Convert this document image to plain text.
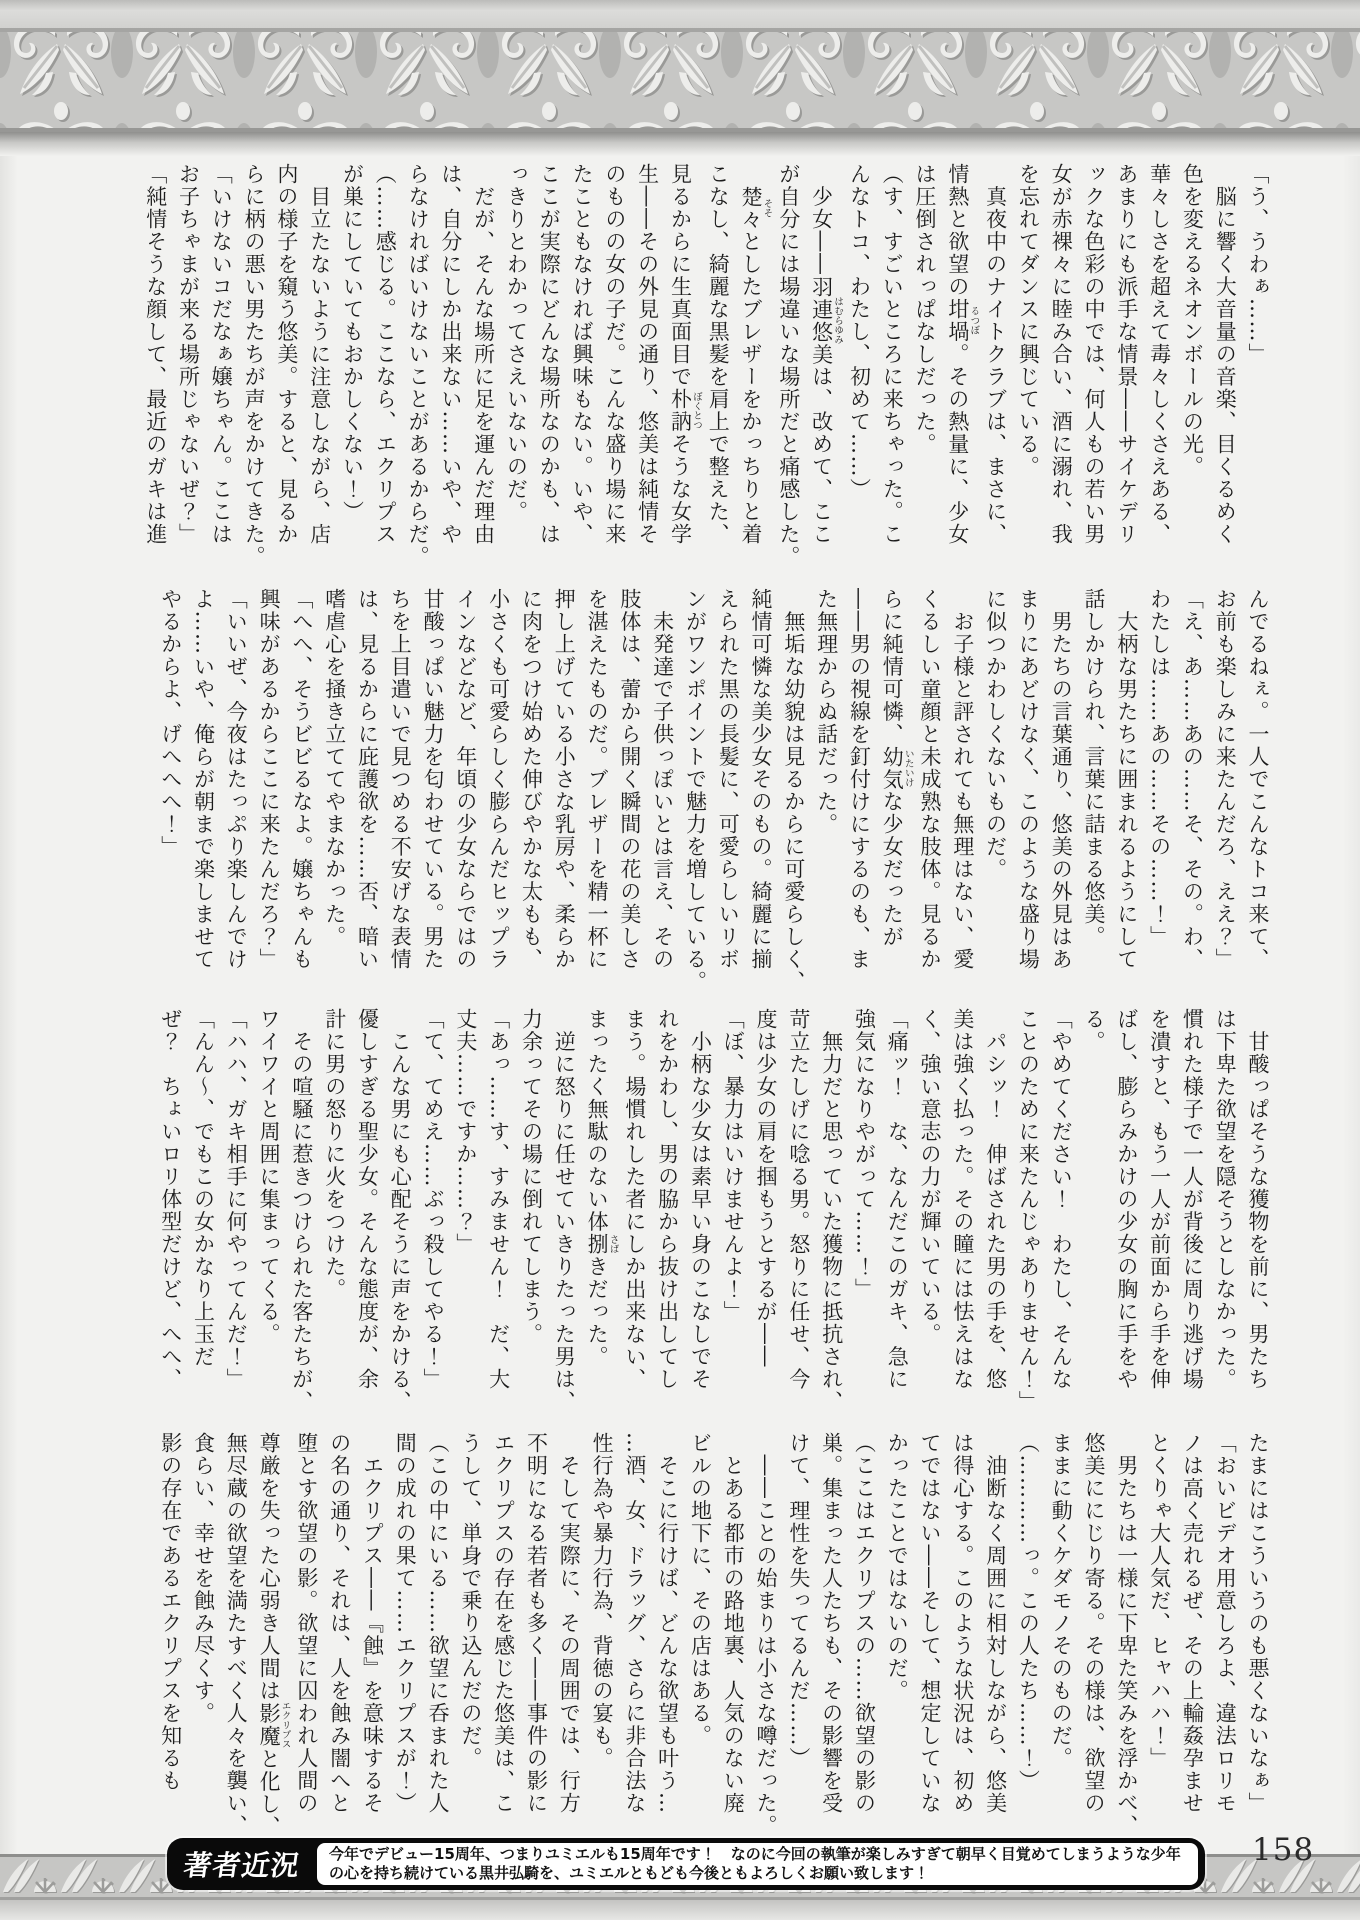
「う、うわぁ……」
　脳に響く大音量の音楽、目くるめく
色を変えるネオンボールの光。
華々しさを超えて毒々しくさえある、
あまりにも派手な情景――サイケデリ
ックな色彩の中では、何人もの若い男
女が赤裸々に睦み合い、酒に溺れ、我
を忘れてダンスに興じている。
　真夜中のナイトクラブは、まさに、
情熱と欲望の坩堝るつぼ。その熱量に、少女
は圧倒されっぱなしだった。
（す、すごいところに来ちゃった。こ
んなトコ、わたし、初めて……）
　少女――羽連悠美はむらゆみは、改めて、ここ
が自分には場違いな場所だと痛感した。
　楚々そそとしたブレザーをかっちりと着
こなし、綺麗な黒髪を肩上で整えた、
見るからに生真面目で朴訥ぼくとつそうな女学
生――その外見の通り、悠美は純情そ
のものの女の子だ。こんな盛り場に来
たこともなければ興味もない。いや、
ここが実際にどんな場所なのかも、は
っきりとわかってさえいないのだ。
　だが、そんな場所に足を運んだ理由
は、自分にしか出来ない……いや、や
らなければいけないことがあるからだ。
（……感じる。ここなら、エクリプス
が巣にしていてもおかしくない！）
　目立たないように注意しながら、店
内の様子を窺う悠美。すると、見るか
らに柄の悪い男たちが声をかけてきた。
「いけないコだなぁ嬢ちゃん。ここは
お子ちゃまが来る場所じゃないぜ？」
「純情そうな顔して、最近のガキは進
んでるねぇ。一人でこんなトコ来て、
お前も楽しみに来たんだろ、ええ？」
「え、あ……あの……そ、その。わ、
わたしは……あの……その……！」
　大柄な男たちに囲まれるようにして
話しかけられ、言葉に詰まる悠美。
　男たちの言葉通り、悠美の外見はあ
まりにあどけなく、このような盛り場
に似つかわしくないものだ。
　お子様と評されても無理はない、愛
くるしい童顔と未成熟な肢体。見るか
らに純情可憐、幼気いたいけな少女だったが
――男の視線を釘付けにするのも、ま
た無理からぬ話だった。
　無垢な幼貌は見るからに可愛らしく、
純情可憐な美少女そのもの。綺麗に揃
えられた黒の長髪に、可愛らしいリボ
ンがワンポイントで魅力を増している。
　未発達で子供っぽいとは言え、その
肢体は、蕾から開く瞬間の花の美しさ
を湛えたものだ。ブレザーを精一杯に
押し上げている小さな乳房や、柔らか
に肉をつけ始めた伸びやかな太もも、
小さくも可愛らしく膨らんだヒップラ
インなどなど、年頃の少女ならではの
甘酸っぱい魅力を匂わせている。男た
ちを上目遣いで見つめる不安げな表情
は、見るからに庇護欲を……否、暗い
嗜虐心を掻き立ててやまなかった。
「へへ、そうビビるなよ。嬢ちゃんも
興味があるからここに来たんだろ？」
「いいぜ、今夜はたっぷり楽しんでけ
よ……いや、俺らが朝まで楽しませて
やるからよ、げへへへ！」
　甘酸っぱそうな獲物を前に、男たち
は下卑た欲望を隠そうとしなかった。
慣れた様子で一人が背後に周り逃げ場
を潰すと、もう一人が前面から手を伸
ばし、膨らみかけの少女の胸に手をや
る。
「やめてください！　わたし、そんな
ことのために来たんじゃありません！」
　パシッ！　伸ばされた男の手を、悠
美は強く払った。その瞳には怯えはな
く、強い意志の力が輝いている。
「痛ッ！　な、なんだこのガキ、急に
強気になりやがって……！」
　無力だと思っていた獲物に抵抗され、
苛立たしげに唸る男。怒りに任せ、今
度は少女の肩を掴もうとするが――
「ぼ、暴力はいけませんよ！」
　小柄な少女は素早い身のこなしでそ
れをかわし、男の脇から抜け出してし
まう。場慣れした者にしか出来ない、
まったく無駄のない体捌さばきだった。
　逆に怒りに任せていきりたった男は、
力余ってその場に倒れてしまう。
「あっ……す、すみません！　だ、大
丈夫……ですか……？」
「て、てめえ……ぶっ殺してやる！」
　こんな男にも心配そうに声をかける、
優しすぎる聖少女。そんな態度が、余
計に男の怒りに火をつけた。
　その喧騒に惹きつけられた客たちが、
ワイワイと周囲に集まってくる。
「ハハ、ガキ相手に何やってんだ！」
「んん～、でもこの女かなり上玉だ
ぜ？　ちょいロリ体型だけど、へへ、
たまにはこういうのも悪くないなぁ」
「おいビデオ用意しろよ、違法ロリモ
ノは高く売れるぜ、その上輪姦孕ませ
とくりゃ大人気だ、ヒャハハ！」
　男たちは一様に下卑た笑みを浮かべ、
悠美ににじり寄る。その様は、欲望の
ままに動くケダモノそのものだ。
（…………っ。この人たち……！）
　油断なく周囲に相対しながら、悠美
は得心する。このような状況は、初め
てではない――そして、想定していな
かったことではないのだ。
（ここはエクリプスの……欲望の影の
巣。集まった人たちも、その影響を受
けて、理性を失ってるんだ……）
　――ことの始まりは小さな噂だった。
　とある都市の路地裏、人気のない廃
ビルの地下に、その店はある。
　そこに行けば、どんな欲望も叶う…
…酒、女、ドラッグ、さらに非合法な
性行為や暴力行為、背徳の宴も。
　そして実際に、その周囲では、行方
不明になる若者も多く――事件の影に
エクリプスの存在を感じた悠美は、こ
うして、単身で乗り込んだのだ。
（この中にいる……欲望に呑まれた人
間の成れの果て……エクリプスが！）
　エクリプス――『蝕』を意味するそ
の名の通り、それは、人を蝕み闇へと
堕とす欲望の影。欲望に囚われ人間の
尊厳を失った心弱き人間は影魔エクリプスと化し、
無尽蔵の欲望を満たすべく人々を襲い、
食らい、幸せを蝕み尽くす。
影の存在であるエクリプスを知るも
著者近況	今年でデビュー15周年、つまりユミエルも15周年です！　なのに今回の執筆が楽しみすぎて朝早く目覚めてしまうような少年
の心を持ち続けている黒井弘騎を、ユミエルともども今後ともよろしくお願い致します！
158
